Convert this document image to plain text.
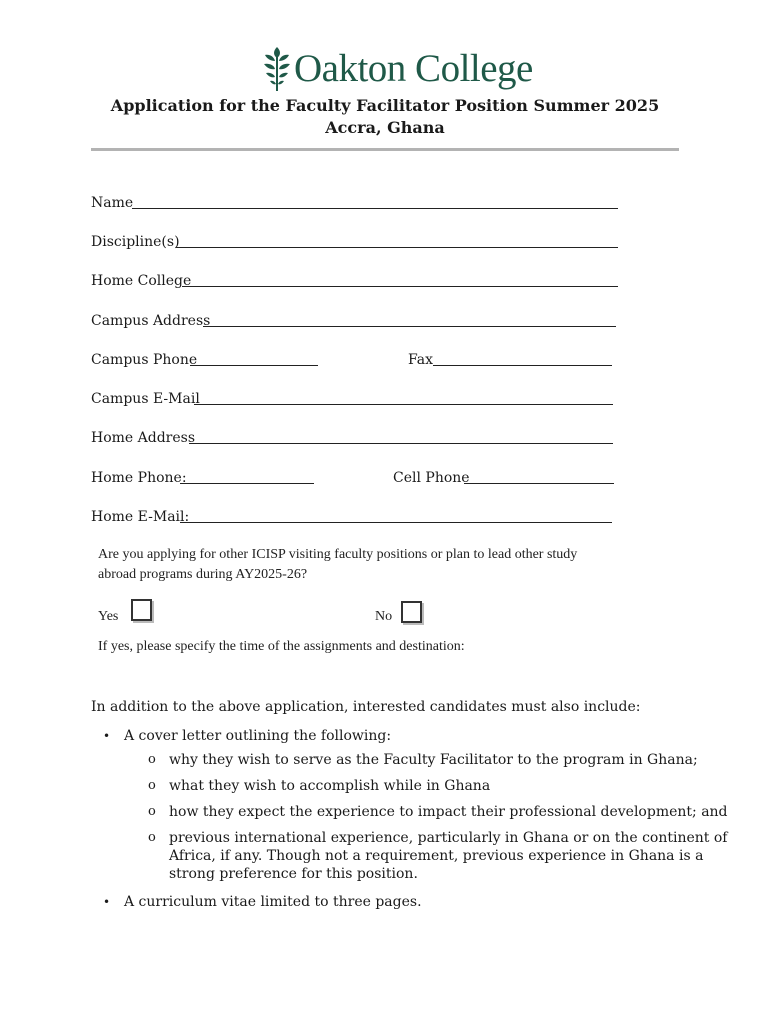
Oakton College
Application for the Faculty Facilitator Position Summer 2025
Accra, Ghana
Name
Discipline(s)
Home College
Campus Address
Campus Phone	Fax
Campus E-Mail
Home Address
Home Phone:	Cell Phone
Home E-Mail:
Are you applying for other ICISP visiting faculty positions or plan to lead other study
abroad programs during AY2025-26?
Yes	No
If yes, please specify the time of the assignments and destination:
In addition to the above application, interested candidates must also include:
• A cover letter outlining the following:
o why they wish to serve as the Faculty Facilitator to the program in Ghana;
o what they wish to accomplish while in Ghana
o how they expect the experience to impact their professional development; and
o previous international experience, particularly in Ghana or on the continent of
Africa, if any. Though not a requirement, previous experience in Ghana is a
strong preference for this position.
• A curriculum vitae limited to three pages.
